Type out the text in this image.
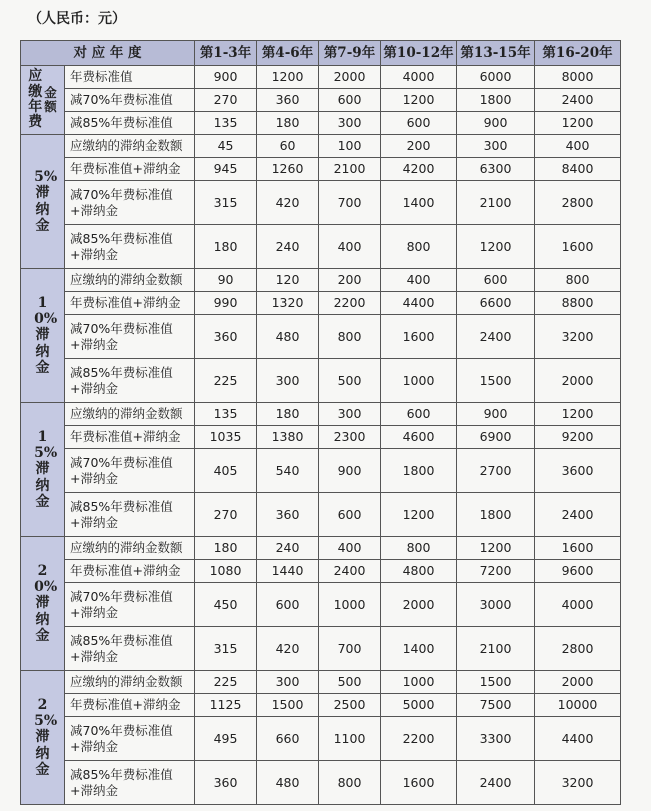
（人民币：元）
对 应 年 度		第1-3年	第4-6年	第7-9年	第10-12年	第13-15年	第16-20年

应缴年费
金额	年费标准值	900	1200	2000	4000	6000	8000
	减70%年费标准值	270	360	600	1200	1800	2400
	减85%年费标准值	135	180	300	600	900	1200

5%滞纳金	应缴纳的滞纳金数额	45	60	100	200	300	400
	年费标准值+滞纳金	945	1260	2100	4200	6300	8400
	减70%年费标准值+滞纳金	315	420	700	1400	2100	2800
	减85%年费标准值+滞纳金	180	240	400	800	1200	1600

10%滞纳金	应缴纳的滞纳金数额	90	120	200	400	600	800
	年费标准值+滞纳金	990	1320	2200	4400	6600	8800
	减70%年费标准值+滞纳金	360	480	800	1600	2400	3200
	减85%年费标准值+滞纳金	225	300	500	1000	1500	2000

15%滞纳金	应缴纳的滞纳金数额	135	180	300	600	900	1200
	年费标准值+滞纳金	1035	1380	2300	4600	6900	9200
	减70%年费标准值+滞纳金	405	540	900	1800	2700	3600
	减85%年费标准值+滞纳金	270	360	600	1200	1800	2400

20%滞纳金	应缴纳的滞纳金数额	180	240	400	800	1200	1600
	年费标准值+滞纳金	1080	1440	2400	4800	7200	9600
	减70%年费标准值+滞纳金	450	600	1000	2000	3000	4000
	减85%年费标准值+滞纳金	315	420	700	1400	2100	2800

25%滞纳金	应缴纳的滞纳金数额	225	300	500	1000	1500	2000
	年费标准值+滞纳金	1125	1500	2500	5000	7500	10000
	减70%年费标准值+滞纳金	495	660	1100	2200	3300	4400
	减85%年费标准值+滞纳金	360	480	800	1600	2400	3200
